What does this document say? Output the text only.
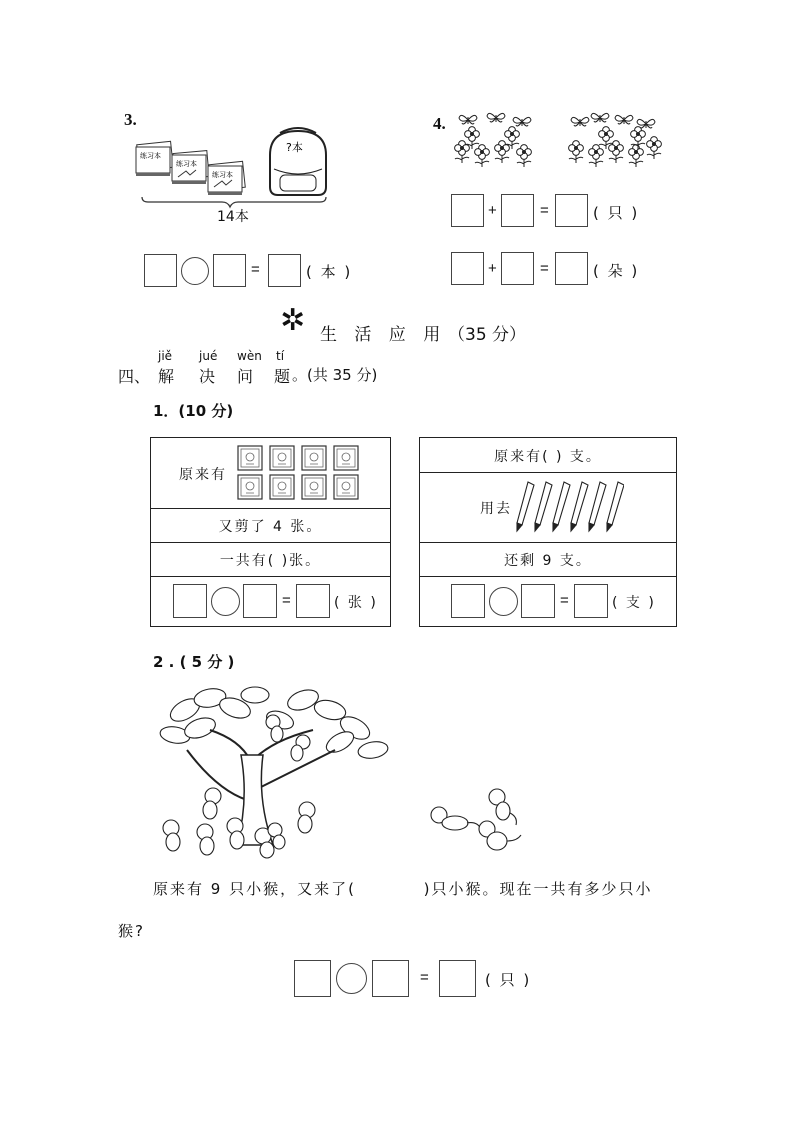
3.
练习本
练习本
练习本
?本
14本
=	( 本 )
4.
+	=	( 只 )
+	=	( 朵 )
✲ 生 活 应 用 （35 分）
jiě jué wèn tí
四、 解 决 问 题 。(共 35 分)
1．(10 分)
原来有
又剪了 4 张。
一共有( )张。
=	( 张 )
原来有( ) 支。
用去
还剩 9 支。
=	( 支 )
2 . ( 5 分 )
原来有 9 只小猴，又来了(          )只小猴。现在一共有多少只小
猴?
=	( 只 )
